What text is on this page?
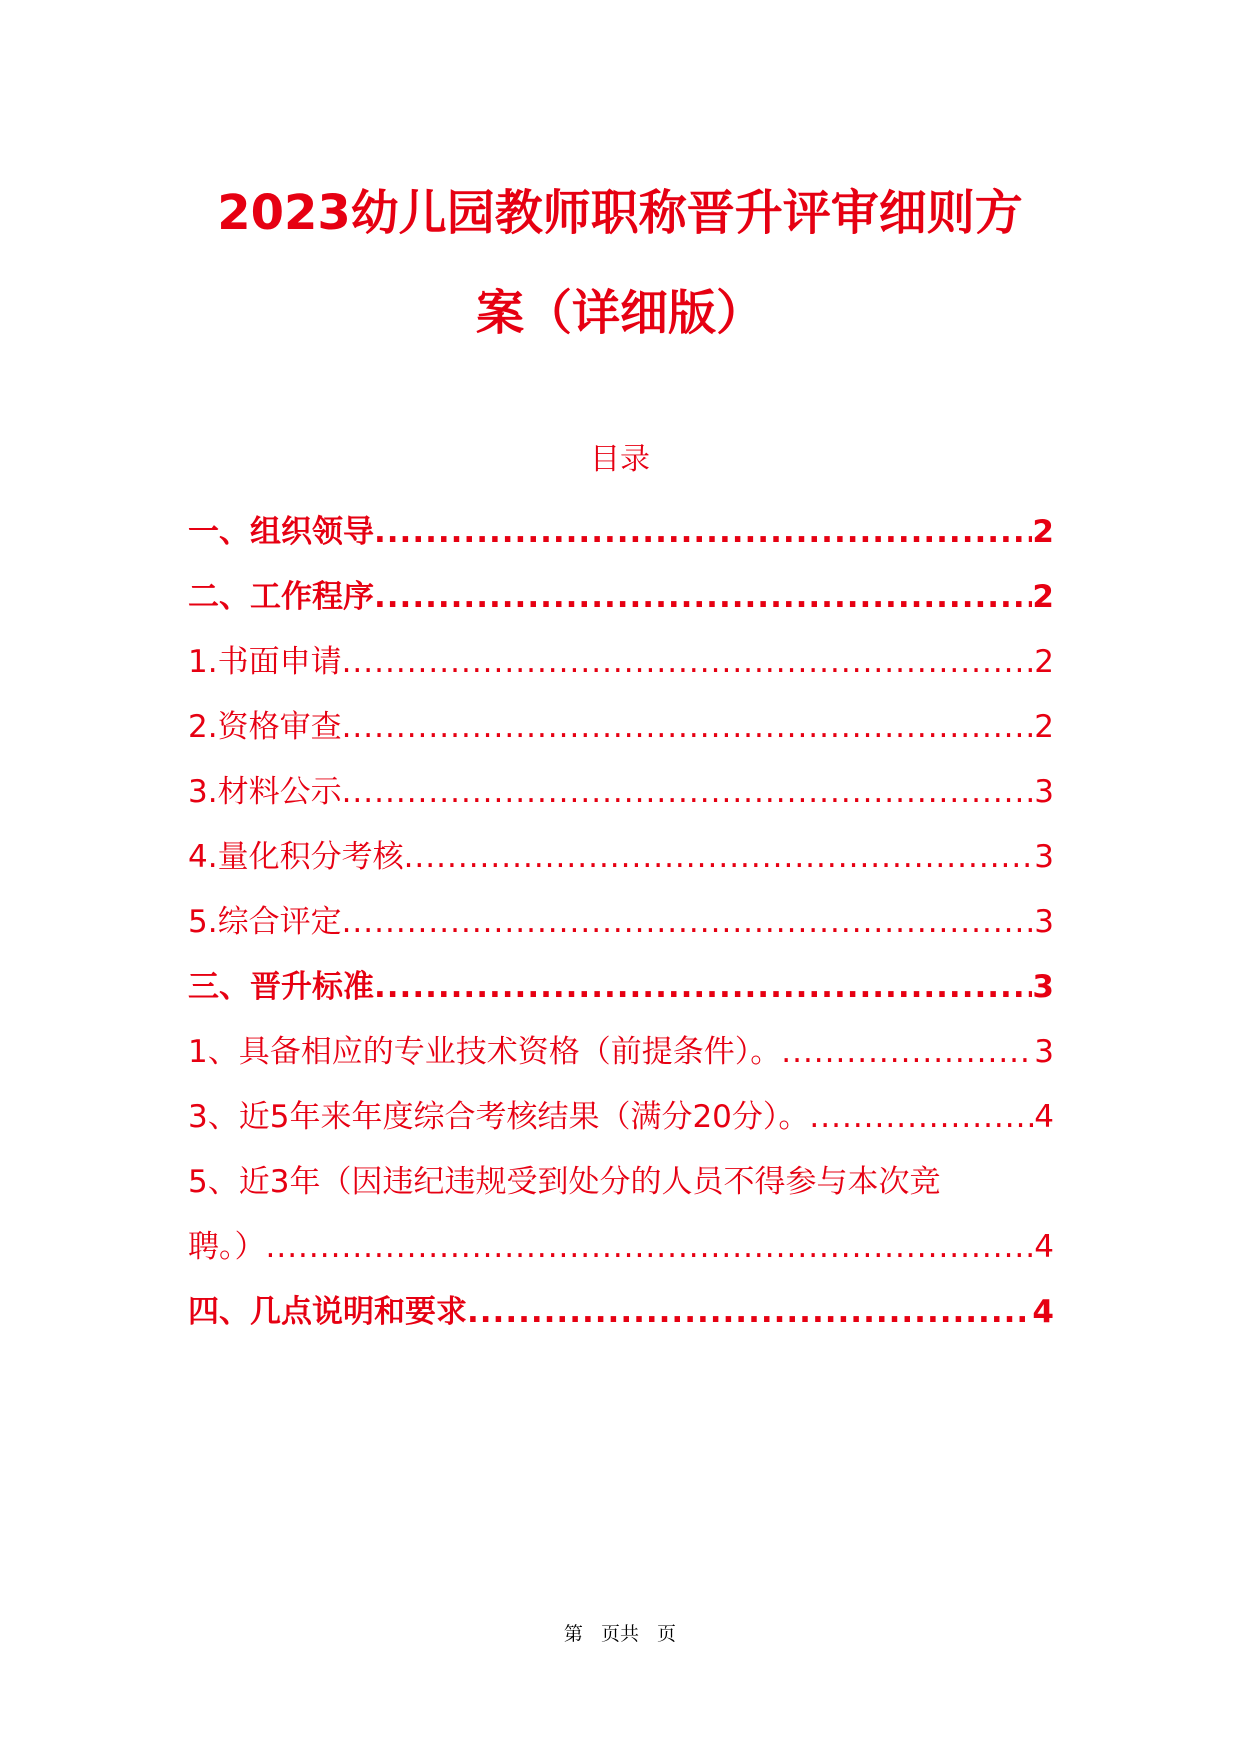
2023幼儿园教师职称晋升评审细则方
案（详细版）
目录
一、组织领导 .....	2
二、工作程序 .....	2
1.书面申请 .....	2
2.资格审查 .....	2
3.材料公示 .....	3
4.量化积分考核 .....	3
5.综合评定 .....	3
三、晋升标准 .....	3
1、具备相应的专业技术资格（前提条件）。 .....	3
3、近5年来年度综合考核结果（满分20分）。 .....	4
5、近3年（因违纪违规受到处分的人员不得参与本次竞
聘。） .....	4
四、几点说明和要求 .....	4
第 页共 页
